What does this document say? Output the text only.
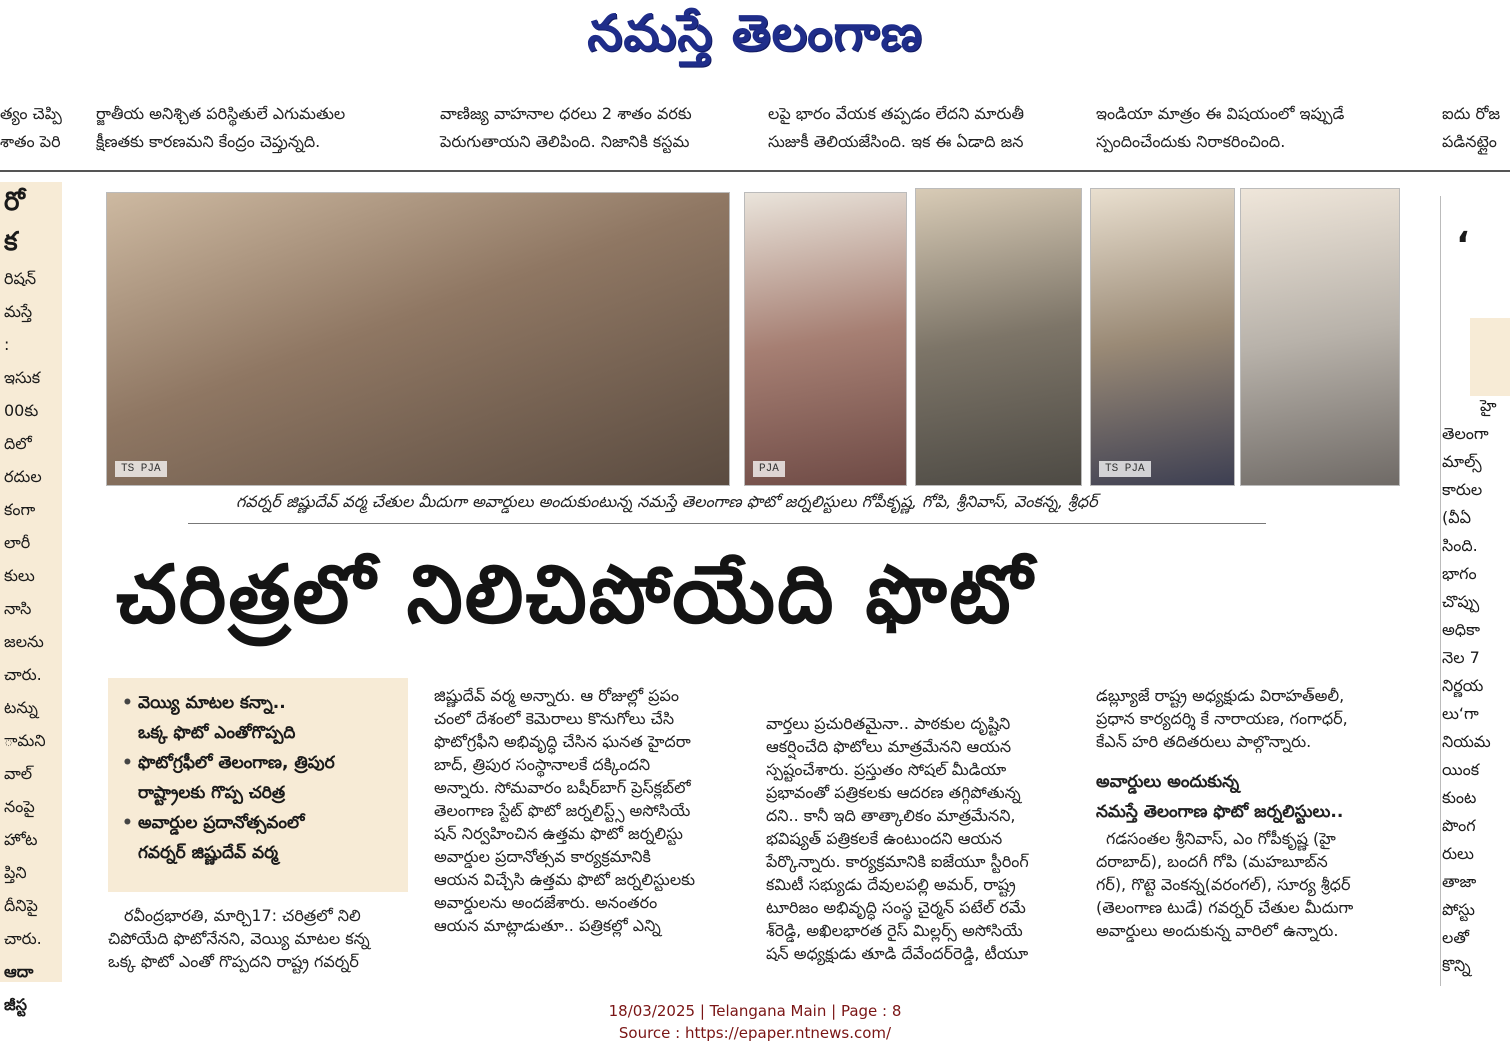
నమస్తే తెలంగాణ
త్యం చెప్పి
శాతం పెరి
ర్జాతీయ అనిశ్చిత పరిస్థితులే ఎగుమతుల
క్షీణతకు కారణమని కేంద్రం చెప్తున్నది.
వాణిజ్య వాహనాల ధరలు 2 శాతం వరకు
పెరుగుతాయని తెలిపింది. నిజానికి కస్టమ
లపై భారం వేయక తప్పడం లేదని మారుతీ
సుజుకీ తెలియజేసింది. ఇక ఈ ఏడాది జన
ఇండియా మాత్రం ఈ విషయంలో ఇప్పుడే
స్పందించేందుకు నిరాకరించింది.
ఐదు రోజ
పడినట్లైం
రో
క
రిషన్
మస్తే
:
ఇసుక
00కు
దిలో
రదుల
కంగా
లారీ
కులు
నాసి
జలను
చారు.
టన్ను
ామని
వాల్
నంపై
హోట
ప్తిని
దీనిపై
చారు.
ఆదా
జీస్ట
TS PJA	PJA	TS PJA
గవర్నర్ జిష్ణుదేవ్ వర్మ చేతుల మీదుగా అవార్డులు అందుకుంటున్న నమస్తే తెలంగాణ ఫొటో జర్నలిస్టులు గోపీకృష్ణ, గోపి, శ్రీనివాస్, వెంకన్న, శ్రీధర్
‘
హై
తెలంగా
మాల్స్
కారుల
(వీఏ
సింది.
భాగం
చొప్పు
అధికా
నెల 7
నిర్ణయ
లు‘గా
నియమ
యింక
కుంట
పొంగ
రులు
తాజా
పోస్టు
లతో
కొన్ని
చరిత్రలో నిలిచిపోయేది ఫొటో
• వెయ్యి మాటల కన్నా..
ఒక్క ఫొటో ఎంతోగొప్పది
• ఫొటోగ్రఫీలో తెలంగాణ, త్రిపుర
రాష్ట్రాలకు గొప్ప చరిత్ర
• అవార్డుల ప్రదానోత్సవంలో
గవర్నర్ జిష్ణుదేవ్ వర్మ

రవీంద్రభారతి, మార్చి17: చరిత్రలో నిలి

చిపోయేది ఫొటోనేనని, వెయ్యి మాటల కన్న

ఒక్క ఫొటో ఎంతో గొప్పదని రాష్ట్ర గవర్నర్

జిష్ణుదేవ్ వర్మ అన్నారు. ఆ రోజుల్లో ప్రపం

చంలో దేశంలో కెమెరాలు కొనుగోలు చేసి

ఫొటోగ్రఫీని అభివృద్ధి చేసిన ఘనత హైదరా

బాద్, త్రిపుర సంస్థానాలకే దక్కిందని

అన్నారు. సోమవారం బషీర్‌బాగ్ ప్రెస్‌క్లబ్‌లో

తెలంగాణ స్టేట్ ఫొటో జర్నలిస్ట్స్ అసోసియే

షన్ నిర్వహించిన ఉత్తమ ఫొటో జర్నలిస్టు

అవార్డుల ప్రదానోత్సవ కార్యక్రమానికి

ఆయన విచ్చేసి ఉత్తమ ఫొటో జర్నలిస్టులకు

అవార్డులను అందజేశారు. అనంతరం

ఆయన మాట్లాడుతూ.. పత్రికల్లో ఎన్ని

వార్తలు ప్రచురితమైనా.. పాఠకుల దృష్టిని

ఆకర్షించేది ఫొటోలు మాత్రమేనని ఆయన

స్పష్టంచేశారు. ప్రస్తుతం సోషల్ మీడియా

ప్రభావంతో పత్రికలకు ఆదరణ తగ్గిపోతున్న

దని.. కానీ ఇది తాత్కాలికం మాత్రమేనని,

భవిష్యత్ పత్రికలకే ఉంటుందని ఆయన

పేర్కొన్నారు. కార్యక్రమానికి ఐజేయూ స్టీరింగ్

కమిటీ సభ్యుడు దేవులపల్లి అమర్, రాష్ట్ర

టూరిజం అభివృద్ధి సంస్థ చైర్మన్ పటేల్ రమే

శ్‌రెడ్డి, అఖిలభారత రైస్ మిల్లర్స్ అసోసియే

షన్ అధ్యక్షుడు తూడి దేవేందర్‌రెడ్డి, టీయూ

డబ్ల్యూజే రాష్ట్ర అధ్యక్షుడు విరాహత్అలీ,

ప్రధాన కార్యదర్శి కే నారాయణ, గంగాధర్,

కేఎన్ హరి తదితరులు పాల్గొన్నారు.

అవార్డులు అందుకున్న
నమస్తే తెలంగాణ ఫొటో జర్నలిస్టులు..

గడసంతల శ్రీనివాస్, ఎం గోపీకృష్ణ (హై

దరాబాద్), బందగీ గోపి (మహబూబ్‌న

గర్), గొట్టె వెంకన్న(వరంగల్), సూర్య శ్రీధర్

(తెలంగాణ టుడే) గవర్నర్ చేతుల మీదుగా

అవార్డులు అందుకున్న వారిలో ఉన్నారు.

18/03/2025 | Telangana Main | Page : 8
Source : https://epaper.ntnews.com/
